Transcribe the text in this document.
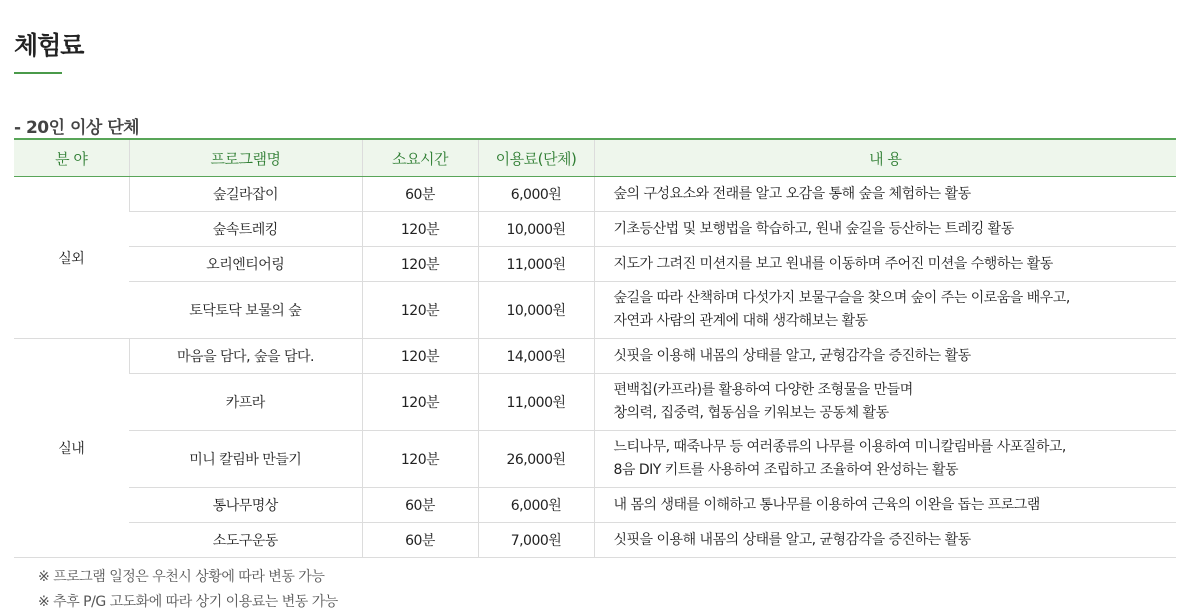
체험료
- 20인 이상 단체
분 야	프로그램명	소요시간	이용료(단체)	내 용
실외	숲길라잡이	60분	6,000원	숲의 구성요소와 전래를 알고 오감을 통해 숲을 체험하는 활동

	숲속트레킹	120분	10,000원	기초등산법 및 보행법을 학습하고, 원내 숲길을 등산하는 트레킹 활동

	오리엔티어링	120분	11,000원	지도가 그려진 미션지를 보고 원내를 이동하며 주어진 미션을 수행하는 활동

	토닥토닥 보물의 숲	120분	10,000원	숲길을 따라 산책하며 다섯가지 보물구슬을 찾으며 숲이 주는 이로움을 배우고,
자연과 사람의 관계에 대해 생각해보는 활동

실내	마음을 담다, 숲을 담다.	120분	14,000원	싯핏을 이용해 내몸의 상태를 알고, 균형감각을 증진하는 활동

	카프라	120분	11,000원	편백칩(카프라)를 활용하여 다양한 조형물을 만들며
창의력, 집중력, 협동심을 키워보는 공동체 활동

	미니 칼림바 만들기	120분	26,000원	느티나무, 때죽나무 등 여러종류의 나무를 이용하여 미니칼림바를 사포질하고,
8음 DIY 키트를 사용하여 조립하고 조율하여 완성하는 활동

	통나무명상	60분	6,000원	내 몸의 생태를 이해하고 통나무를 이용하여 근육의 이완을 돕는 프로그램

	소도구운동	60분	7,000원	싯핏을 이용해 내몸의 상태를 알고, 균형감각을 증진하는 활동
※ 프로그램 일정은 우천시 상황에 따라 변동 가능
※ 추후 P/G 고도화에 따라 상기 이용료는 변동 가능
